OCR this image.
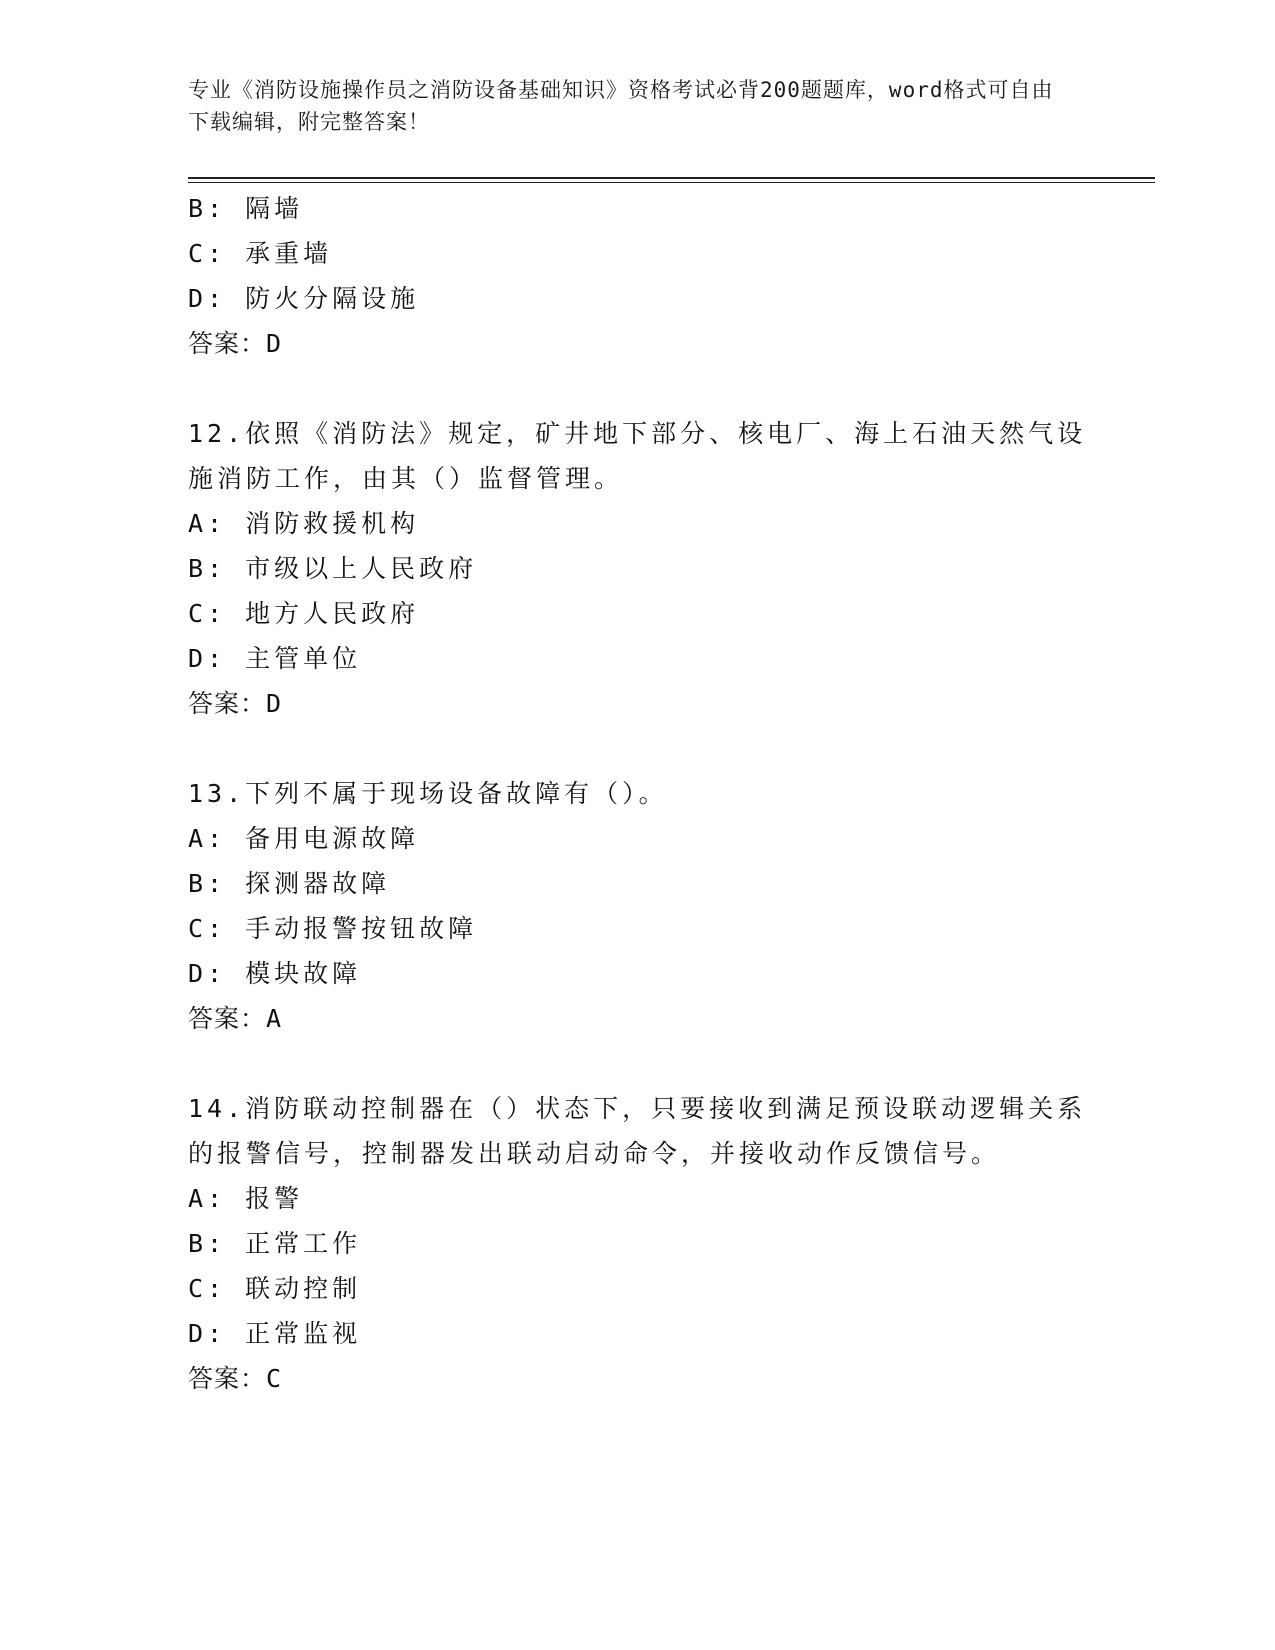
专业《消防设施操作员之消防设备基础知识》资格考试必背200题题库，word格式可自由下载编辑，附完整答案！
B: 隔墙
C: 承重墙
D: 防火分隔设施
答案：D
12.依照《消防法》规定，矿井地下部分、核电厂、海上石油天然气设
施消防工作，由其（）监督管理。
A: 消防救援机构
B: 市级以上人民政府
C: 地方人民政府
D: 主管单位
答案：D
13.下列不属于现场设备故障有（）。
A: 备用电源故障
B: 探测器故障
C: 手动报警按钮故障
D: 模块故障
答案：A
14.消防联动控制器在（）状态下，只要接收到满足预设联动逻辑关系
的报警信号，控制器发出联动启动命令，并接收动作反馈信号。
A: 报警
B: 正常工作
C: 联动控制
D: 正常监视
答案：C
